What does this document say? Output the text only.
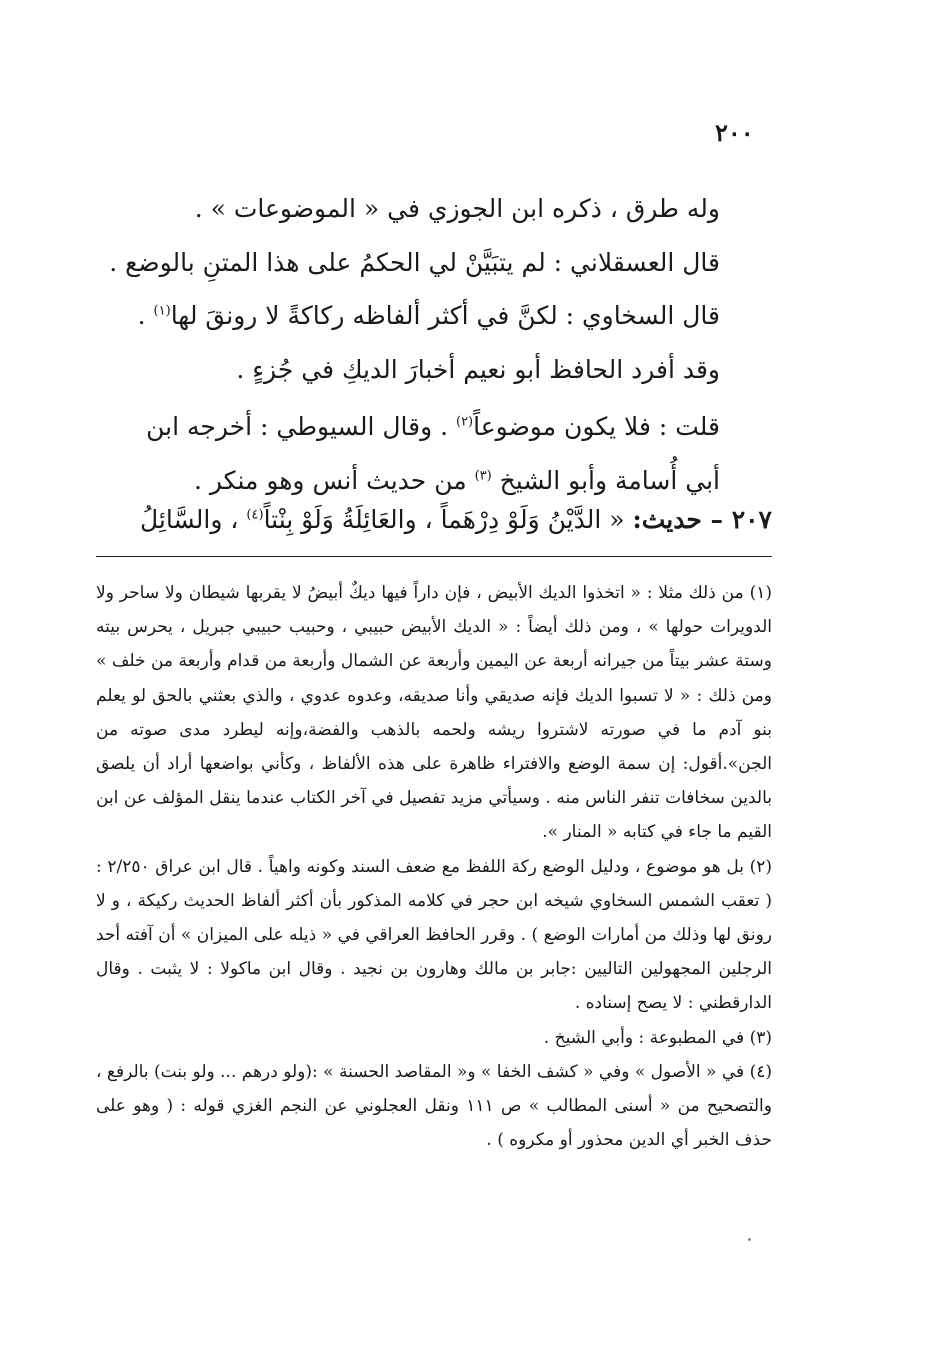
٢٠٠

وله طرق ، ذكره ابن الجوزي في « الموضوعات » .

قال العسقلاني : لم يتبَيَّنْ لي الحكمُ على هذا المتنِ بالوضع .

قال السخاوي : لكنَّ في أكثر ألفاظه ركاكةً لا رونقَ لها$^{(١)}$ .

وقد أفرد الحافظ أبو نعيم أخبارَ الديكِ في جُزءٍ .

قلت : فلا يكون موضوعاً$^{(٢)}$ . وقال السيوطي : أخرجه ابن

أبي أُسامة وأبو الشيخ $^{(٣)}$ من حديث أنس وهو منكر .

٢٠٧ – حديث: « الدَّيْنُ وَلَوْ دِرْهَماً ، والعَائِلَةُ وَلَوْ بِنْتاً$^{(٤)}$ ، والسَّائِلُ

(١) من ذلك مثلا : « اتخذوا الديك الأبيض ، فإن داراً فيها ديكٌ أبيضُ لا يقربها شيطان ولا ساحر ولا الدويرات حولها » ، ومن ذلك أيضاً : « الديك الأبيض حبيبي ، وحبيب حبيبي جبريل ، يحرس بيته وستة عشر بيتاً من جيرانه أربعة عن اليمين وأربعة عن الشمال وأربعة من قدام وأربعة من خلف » ومن ذلك : « لا تسبوا الديك فإنه صديقي وأنا صديقه، وعدوه عدوي ، والذي بعثني بالحق لو يعلم بنو آدم ما في صورته لاشتروا ريشه ولحمه بالذهب والفضة،وإنه ليطرد مدى صوته من الجن».أقول: إن سمة الوضع والافتراء ظاهرة على هذه الألفاظ ، وكأني بواضعها أراد أن يلصق بالدين سخافات تنفر الناس منه . وسيأتي مزيد تفصيل في آخر الكتاب عندما ينقل المؤلف عن ابن القيم ما جاء في كتابه « المنار ».

(٢) بل هو موضوع ، ودليل الوضع ركة اللفظ مع ضعف السند وكونه واهياً . قال ابن عراق ٢/٢٥٠ : ( تعقب الشمس السخاوي شيخه ابن حجر في كلامه المذكور بأن أكثر ألفاظ الحديث ركيكة ، و لا رونق لها وذلك من أمارات الوضع ) . وقرر الحافظ العراقي في « ذيله على الميزان » أن آفته أحد الرجلين المجهولين التاليين :جابر بن مالك وهارون بن نجيد . وقال ابن ماكولا : لا يثبت . وقال الدارقطني : لا يصح إسناده .

(٣) في المطبوعة : وأبي الشيخ .

(٤) في « الأصول » وفي « كشف الخفا » و« المقاصد الحسنة » :(ولو درهم ... ولو بنت) بالرفع ، والتصحيح من « أسنى المطالب » ص ١١١ ونقل العجلوني عن النجم الغزي قوله : ( وهو على حذف الخبر أي الدين محذور أو مكروه ) .
